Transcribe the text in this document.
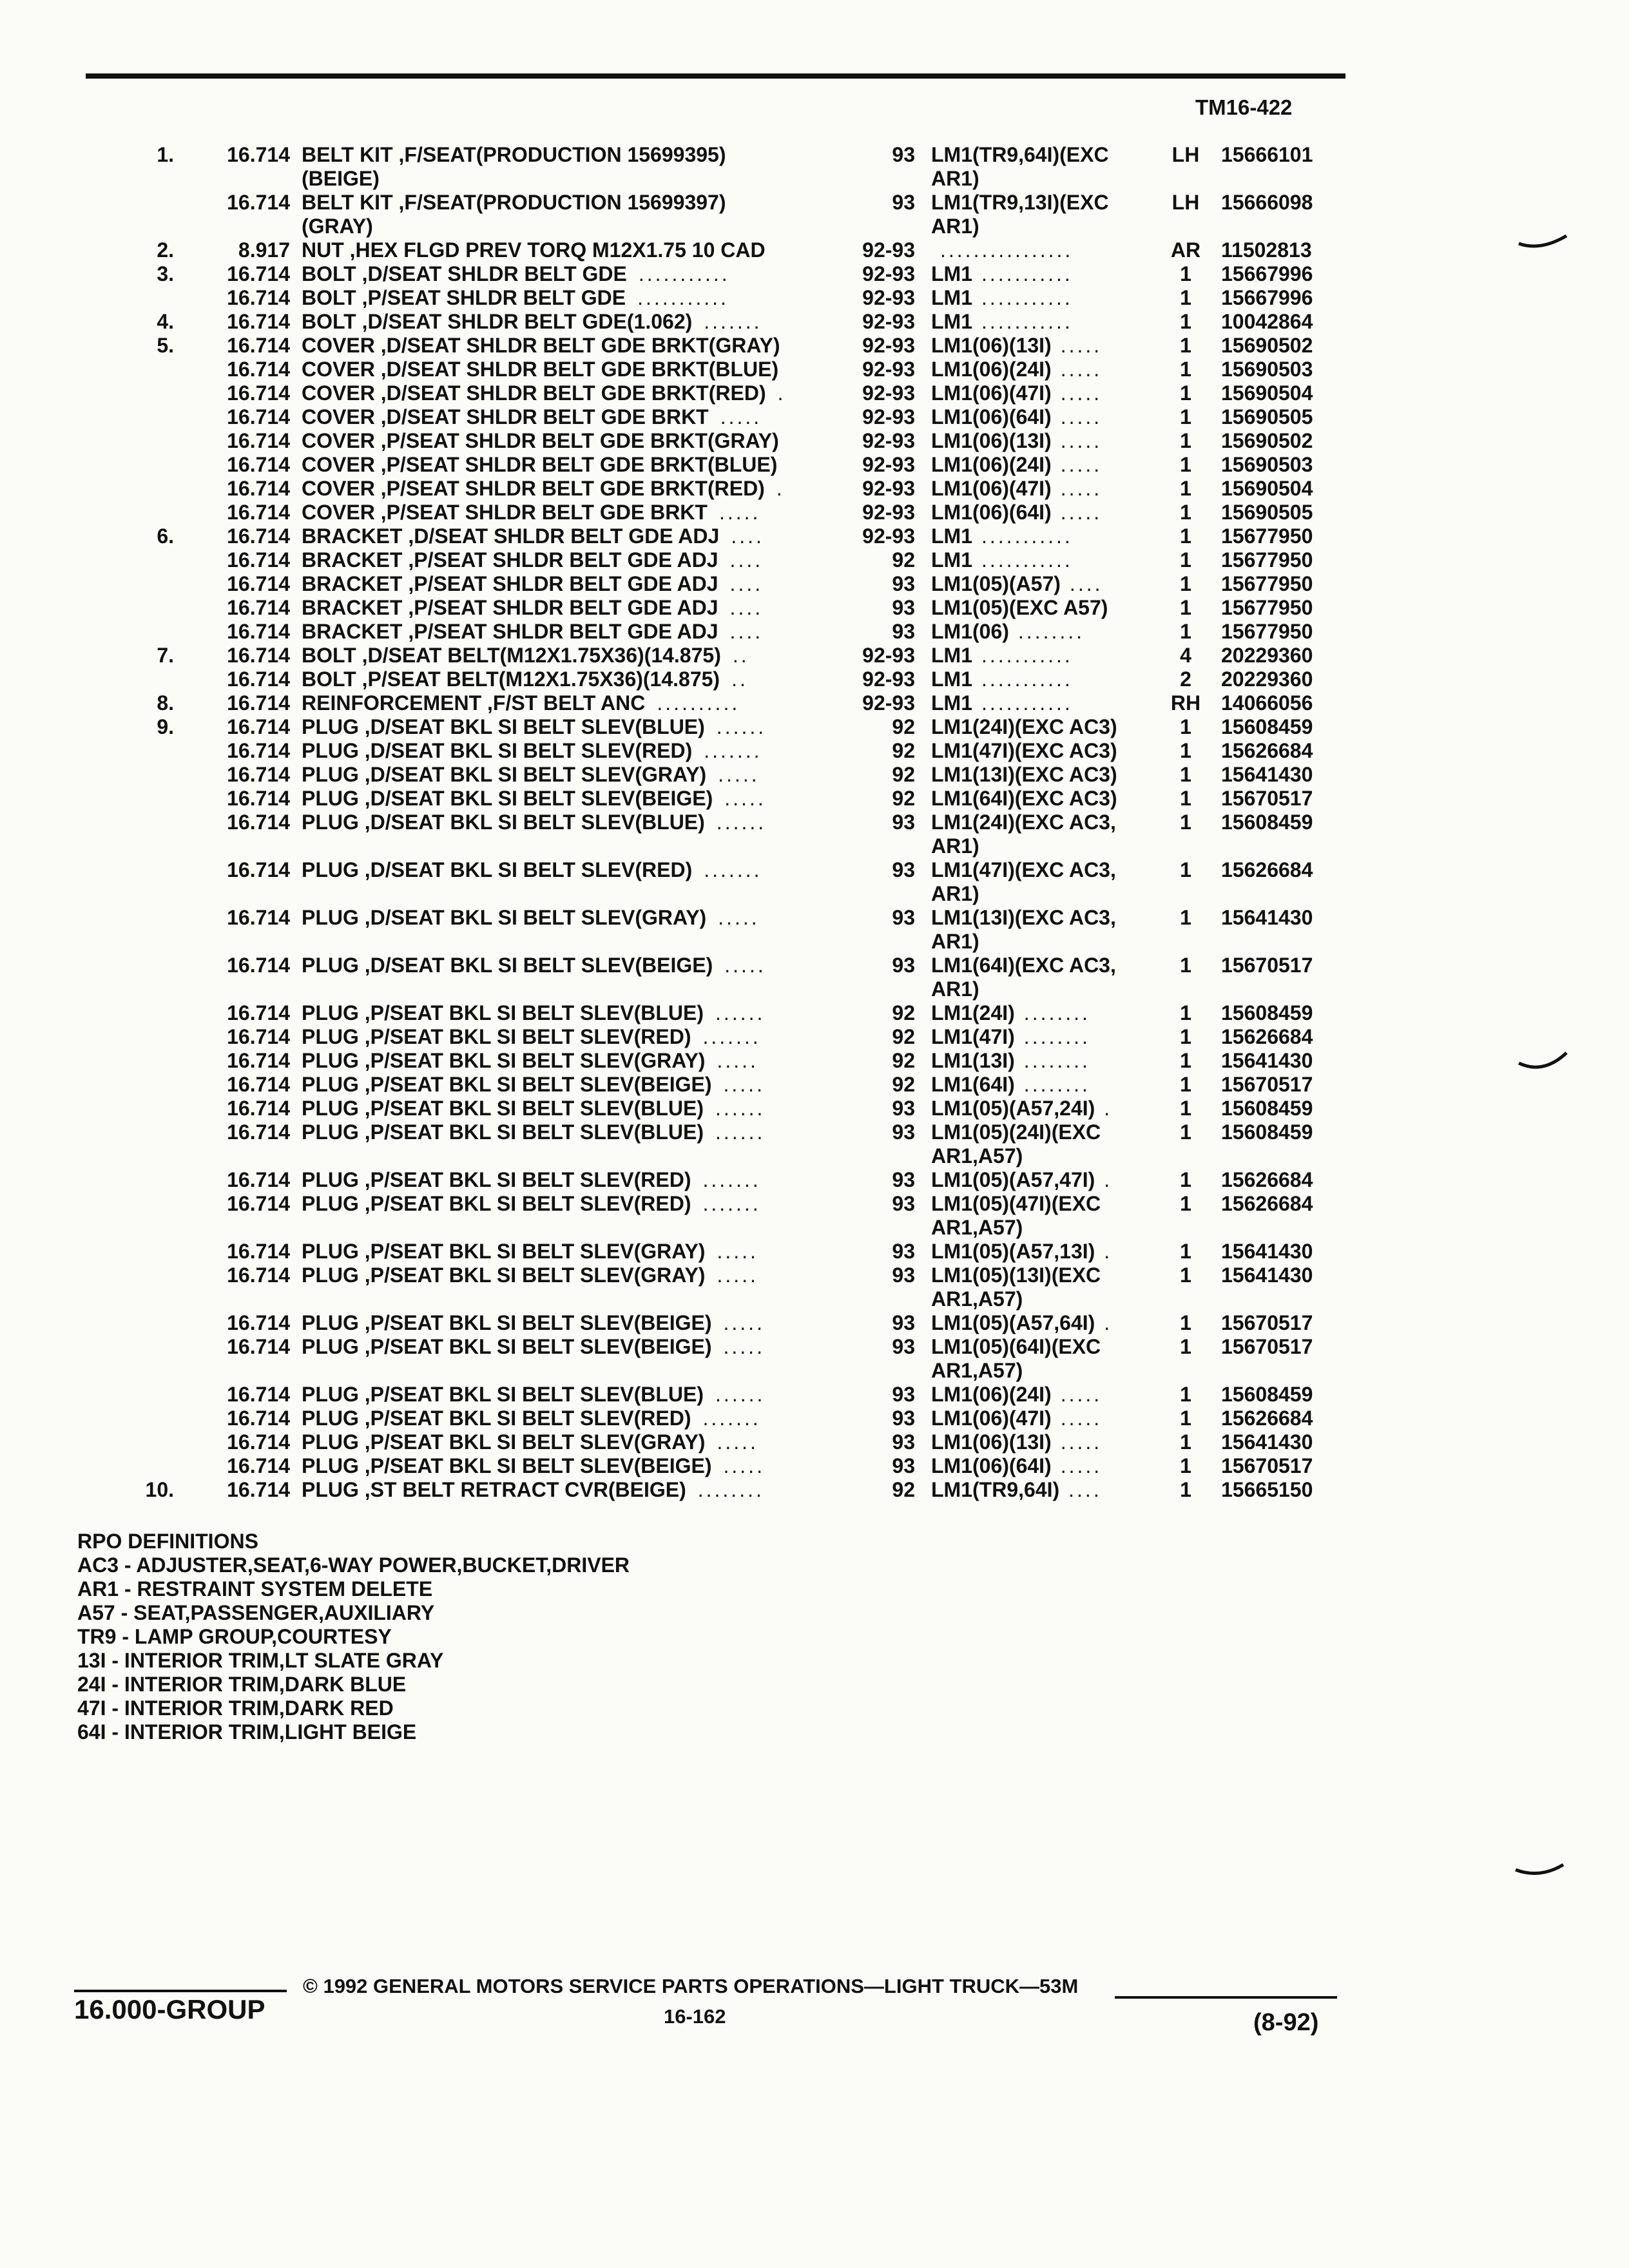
TM16-422
1.	16.714 BELT KIT ,F/SEAT(PRODUCTION 15699395)	93 LM1(TR9,64I)(EXC	LH	15666101
(BEIGE)	AR1)
16.714 BELT KIT ,F/SEAT(PRODUCTION 15699397)	93 LM1(TR9,13I)(EXC	LH	15666098
(GRAY)	AR1)
2.	8.917 NUT ,HEX FLGD PREV TORQ M12X1.75 10 CAD	92-93	................	AR 11502813
3.	16.714 BOLT ,D/SEAT SHLDR BELT GDE ...........	92-93 LM1 ...........	1	15667996
16.714 BOLT ,P/SEAT SHLDR BELT GDE ...........	92-93 LM1 ...........	1	15667996
4.	16.714 BOLT ,D/SEAT SHLDR BELT GDE(1.062) .......	92-93 LM1 ...........	1	10042864
5.	16.714 COVER ,D/SEAT SHLDR BELT GDE BRKT(GRAY)	92-93 LM1(06)(13I) .....	1	15690502
16.714 COVER ,D/SEAT SHLDR BELT GDE BRKT(BLUE)	92-93 LM1(06)(24I) .....	1	15690503
16.714 COVER ,D/SEAT SHLDR BELT GDE BRKT(RED) .	92-93 LM1(06)(47I) .....	1	15690504
16.714 COVER ,D/SEAT SHLDR BELT GDE BRKT .....	92-93 LM1(06)(64I) .....	1	15690505
16.714 COVER ,P/SEAT SHLDR BELT GDE BRKT(GRAY)	92-93 LM1(06)(13I) .....	1	15690502
16.714 COVER ,P/SEAT SHLDR BELT GDE BRKT(BLUE)	92-93 LM1(06)(24I) .....	1	15690503
16.714 COVER ,P/SEAT SHLDR BELT GDE BRKT(RED) .	92-93 LM1(06)(47I) .....	1	15690504
16.714 COVER ,P/SEAT SHLDR BELT GDE BRKT .....	92-93 LM1(06)(64I) .....	1	15690505
6.	16.714 BRACKET ,D/SEAT SHLDR BELT GDE ADJ ....	92-93 LM1 ...........	1	15677950
16.714 BRACKET ,P/SEAT SHLDR BELT GDE ADJ ....	92 LM1 ...........	1	15677950
16.714 BRACKET ,P/SEAT SHLDR BELT GDE ADJ ....	93 LM1(05)(A57) ....	1	15677950
16.714 BRACKET ,P/SEAT SHLDR BELT GDE ADJ ....	93 LM1(05)(EXC A57)	1	15677950
16.714 BRACKET ,P/SEAT SHLDR BELT GDE ADJ ....	93 LM1(06) ........	1	15677950
7.	16.714 BOLT ,D/SEAT BELT(M12X1.75X36)(14.875) ..	92-93 LM1 ...........	4	20229360
16.714 BOLT ,P/SEAT BELT(M12X1.75X36)(14.875) ..	92-93 LM1 ...........	2	20229360
8.	16.714 REINFORCEMENT ,F/ST BELT ANC ..........	92-93 LM1 ...........	RH 14066056
9.	16.714 PLUG ,D/SEAT BKL SI BELT SLEV(BLUE) ......	92 LM1(24I)(EXC AC3)	1	15608459
16.714 PLUG ,D/SEAT BKL SI BELT SLEV(RED) .......	92 LM1(47I)(EXC AC3)	1	15626684
16.714 PLUG ,D/SEAT BKL SI BELT SLEV(GRAY) .....	92 LM1(13I)(EXC AC3)	1	15641430
16.714 PLUG ,D/SEAT BKL SI BELT SLEV(BEIGE) .....	92 LM1(64I)(EXC AC3)	1	15670517
16.714 PLUG ,D/SEAT BKL SI BELT SLEV(BLUE) ......	93 LM1(24I)(EXC AC3,	1	15608459
AR1)
16.714 PLUG ,D/SEAT BKL SI BELT SLEV(RED) .......	93 LM1(47I)(EXC AC3,	1	15626684
AR1)
16.714 PLUG ,D/SEAT BKL SI BELT SLEV(GRAY) .....	93 LM1(13I)(EXC AC3,	1	15641430
AR1)
16.714 PLUG ,D/SEAT BKL SI BELT SLEV(BEIGE) .....	93 LM1(64I)(EXC AC3,	1	15670517
AR1)
16.714 PLUG ,P/SEAT BKL SI BELT SLEV(BLUE) ......	92 LM1(24I) ........	1	15608459
16.714 PLUG ,P/SEAT BKL SI BELT SLEV(RED) .......	92 LM1(47I) ........	1	15626684
16.714 PLUG ,P/SEAT BKL SI BELT SLEV(GRAY) .....	92 LM1(13I) ........	1	15641430
16.714 PLUG ,P/SEAT BKL SI BELT SLEV(BEIGE) .....	92 LM1(64I) ........	1	15670517
16.714 PLUG ,P/SEAT BKL SI BELT SLEV(BLUE) ......	93 LM1(05)(A57,24I) .	1	15608459
16.714 PLUG ,P/SEAT BKL SI BELT SLEV(BLUE) ......	93 LM1(05)(24I)(EXC	1	15608459
AR1,A57)
16.714 PLUG ,P/SEAT BKL SI BELT SLEV(RED) .......	93 LM1(05)(A57,47I) .	1	15626684
16.714 PLUG ,P/SEAT BKL SI BELT SLEV(RED) .......	93 LM1(05)(47I)(EXC	1	15626684
AR1,A57)
16.714 PLUG ,P/SEAT BKL SI BELT SLEV(GRAY) .....	93 LM1(05)(A57,13I) .	1	15641430
16.714 PLUG ,P/SEAT BKL SI BELT SLEV(GRAY) .....	93 LM1(05)(13I)(EXC	1	15641430
AR1,A57)
16.714 PLUG ,P/SEAT BKL SI BELT SLEV(BEIGE) .....	93 LM1(05)(A57,64I) .	1	15670517
16.714 PLUG ,P/SEAT BKL SI BELT SLEV(BEIGE) .....	93 LM1(05)(64I)(EXC	1	15670517
AR1,A57)
16.714 PLUG ,P/SEAT BKL SI BELT SLEV(BLUE) ......	93 LM1(06)(24I) .....	1	15608459
16.714 PLUG ,P/SEAT BKL SI BELT SLEV(RED) .......	93 LM1(06)(47I) .....	1	15626684
16.714 PLUG ,P/SEAT BKL SI BELT SLEV(GRAY) .....	93 LM1(06)(13I) .....	1	15641430
16.714 PLUG ,P/SEAT BKL SI BELT SLEV(BEIGE) .....	93 LM1(06)(64I) .....	1	15670517
10.	16.714 PLUG ,ST BELT RETRACT CVR(BEIGE) ........	92 LM1(TR9,64I) ....	1	15665150
RPO DEFINITIONS
AC3 - ADJUSTER,SEAT,6-WAY POWER,BUCKET,DRIVER
AR1 - RESTRAINT SYSTEM DELETE
A57 - SEAT,PASSENGER,AUXILIARY
TR9 - LAMP GROUP,COURTESY
13I - INTERIOR TRIM,LT SLATE GRAY
24I - INTERIOR TRIM,DARK BLUE
47I - INTERIOR TRIM,DARK RED
64I - INTERIOR TRIM,LIGHT BEIGE
16.000-GROUP
© 1992 GENERAL MOTORS SERVICE PARTS OPERATIONS—LIGHT TRUCK—53M
16-162	(8-92)
